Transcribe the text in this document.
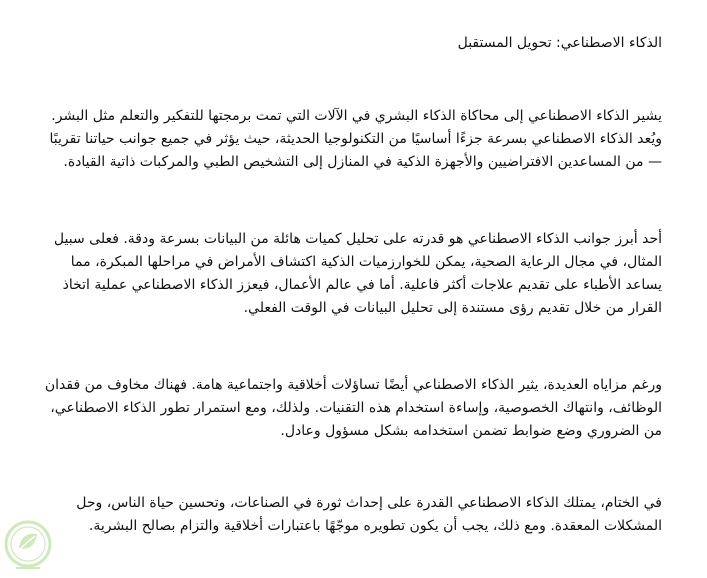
الذكاء الاصطناعي: تحويل المستقبل

يشير الذكاء الاصطناعي إلى محاكاة الذكاء البشري في الآلات التي تمت برمجتها للتفكير والتعلم مثل البشر.
ويُعد الذكاء الاصطناعي بسرعة جزءًا أساسيًا من التكنولوجيا الحديثة، حيث يؤثر في جميع جوانب حياتنا تقريبًا
— من المساعدين الافتراضيين والأجهزة الذكية في المنازل إلى التشخيص الطبي والمركبات ذاتية القيادة.

أحد أبرز جوانب الذكاء الاصطناعي هو قدرته على تحليل كميات هائلة من البيانات بسرعة ودقة. فعلى سبيل
المثال، في مجال الرعاية الصحية، يمكن للخوارزميات الذكية اكتشاف الأمراض في مراحلها المبكرة، مما
يساعد الأطباء على تقديم علاجات أكثر فاعلية. أما في عالم الأعمال، فيعزز الذكاء الاصطناعي عملية اتخاذ
القرار من خلال تقديم رؤى مستندة إلى تحليل البيانات في الوقت الفعلي.

ورغم مزاياه العديدة، يثير الذكاء الاصطناعي أيضًا تساؤلات أخلاقية واجتماعية هامة. فهناك مخاوف من فقدان
الوظائف، وانتهاك الخصوصية، وإساءة استخدام هذه التقنيات. ولذلك، ومع استمرار تطور الذكاء الاصطناعي،
من الضروري وضع ضوابط تضمن استخدامه بشكل مسؤول وعادل.

في الختام، يمتلك الذكاء الاصطناعي القدرة على إحداث ثورة في الصناعات، وتحسين حياة الناس، وحل
المشكلات المعقدة. ومع ذلك، يجب أن يكون تطويره موجّهًا باعتبارات أخلاقية والتزام بصالح البشرية.
